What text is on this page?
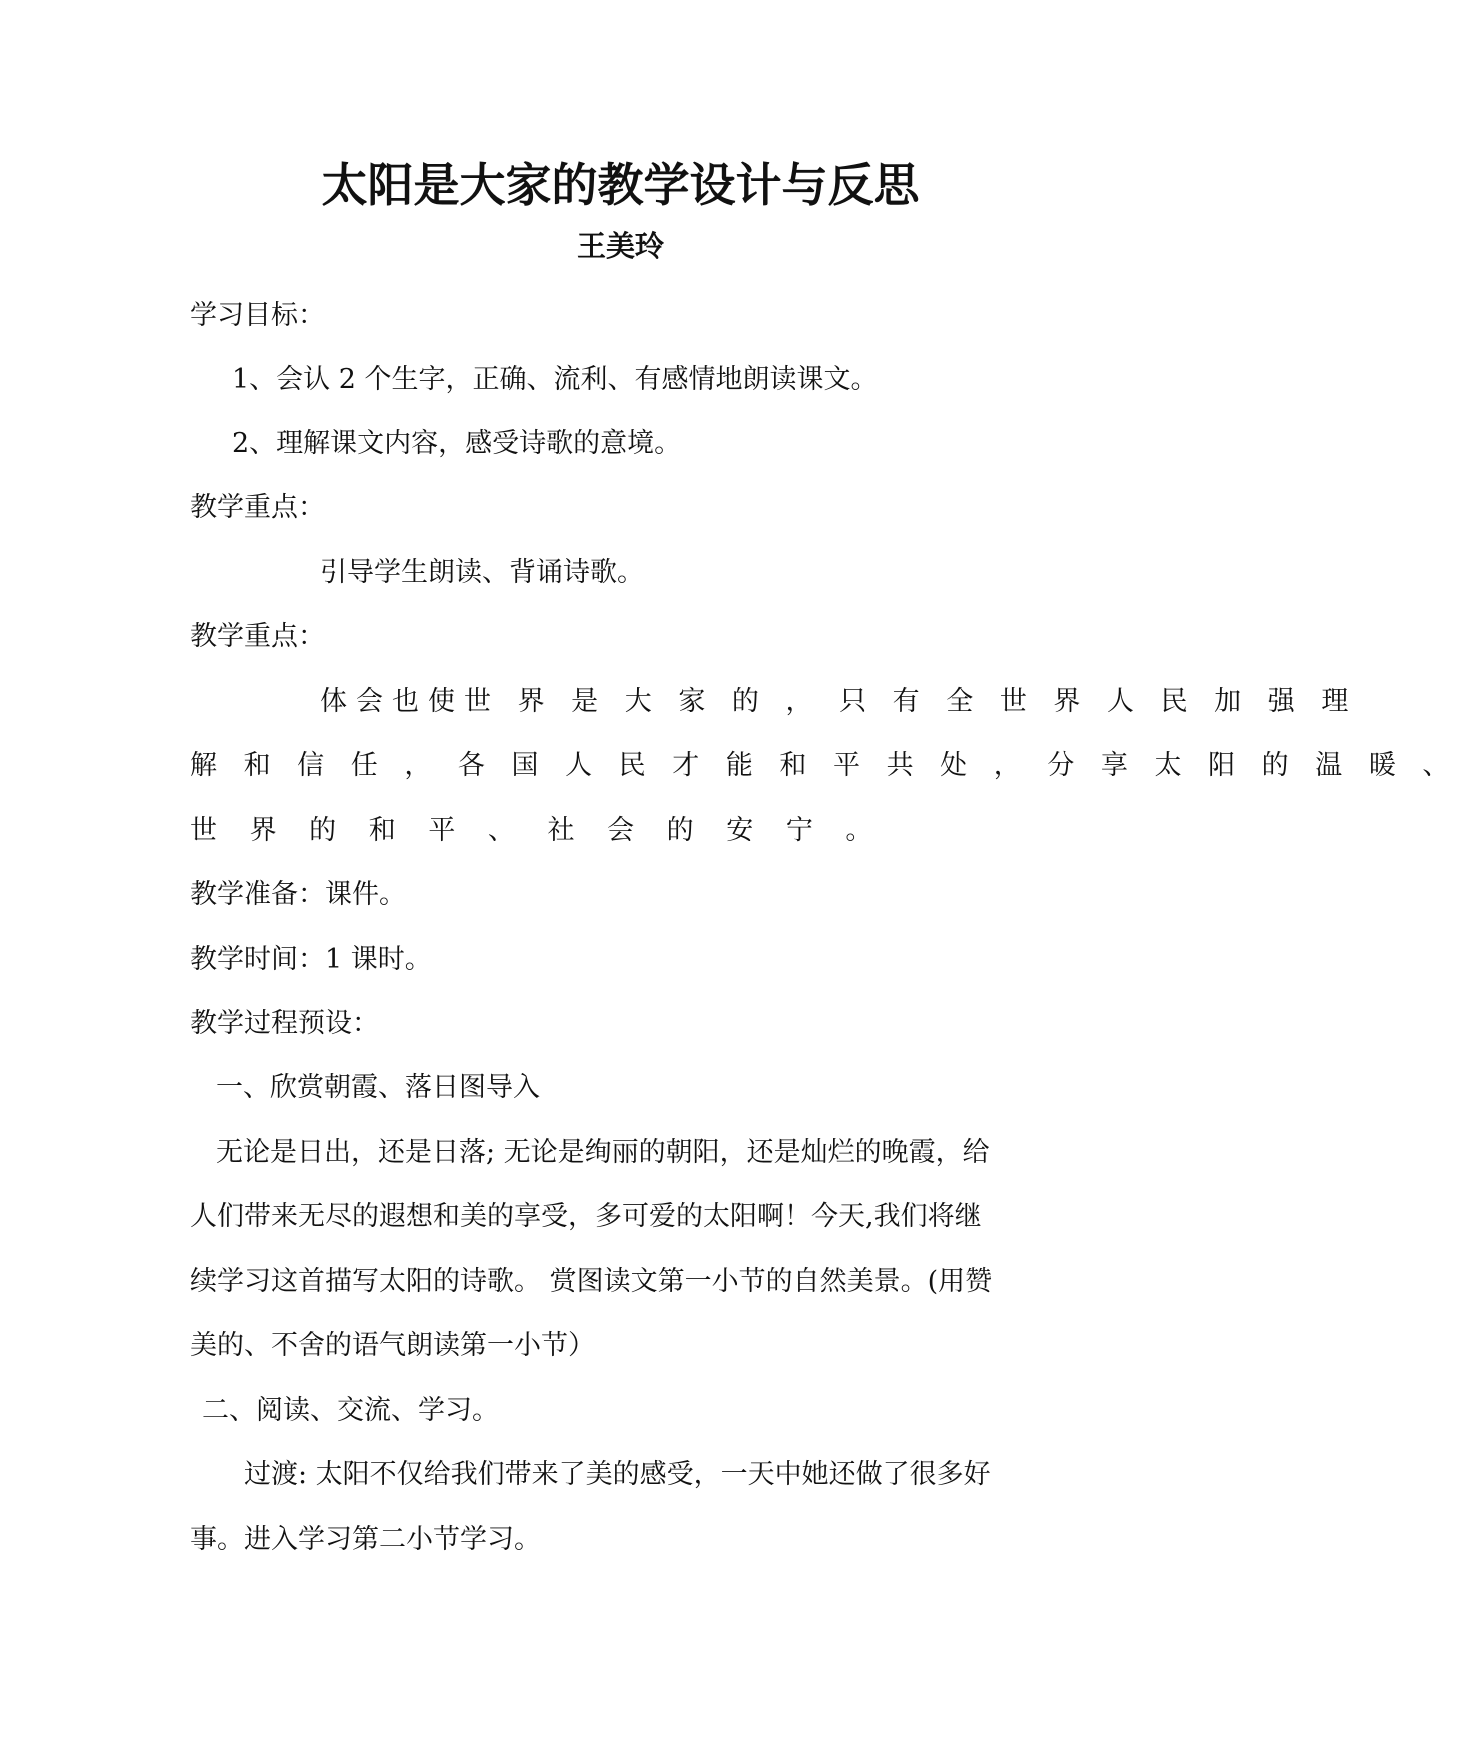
太阳是大家的教学设计与反思
王美玲

学习目标：

1、会认 2 个生字，正确、流利、有感情地朗读课文。

2、理解课文内容，感受诗歌的意境。

教学重点：

引导学生朗读、背诵诗歌。

教学重点：

体会也使世 界 是 大 家 的 ， 只 有 全 世 界 人 民 加 强 理

解 和 信 任 ， 各 国 人 民 才 能 和 平 共 处 ， 分 享 太 阳 的 温 暖 、

世 界 的 和 平 、 社 会 的 安 宁 。

教学准备：课件。

教学时间：1 课时。

教学过程预设：

一、欣赏朝霞、落日图导入

无论是日出，还是日落; 无论是绚丽的朝阳，还是灿烂的晚霞，给

人们带来无尽的遐想和美的享受，多可爱的太阳啊！今天,我们将继

续学习这首描写太阳的诗歌。 赏图读文第一小节的自然美景。(用赞

美的、不舍的语气朗读第一小节）

二、阅读、交流、学习。

过渡: 太阳不仅给我们带来了美的感受，一天中她还做了很多好

事。进入学习第二小节学习。
